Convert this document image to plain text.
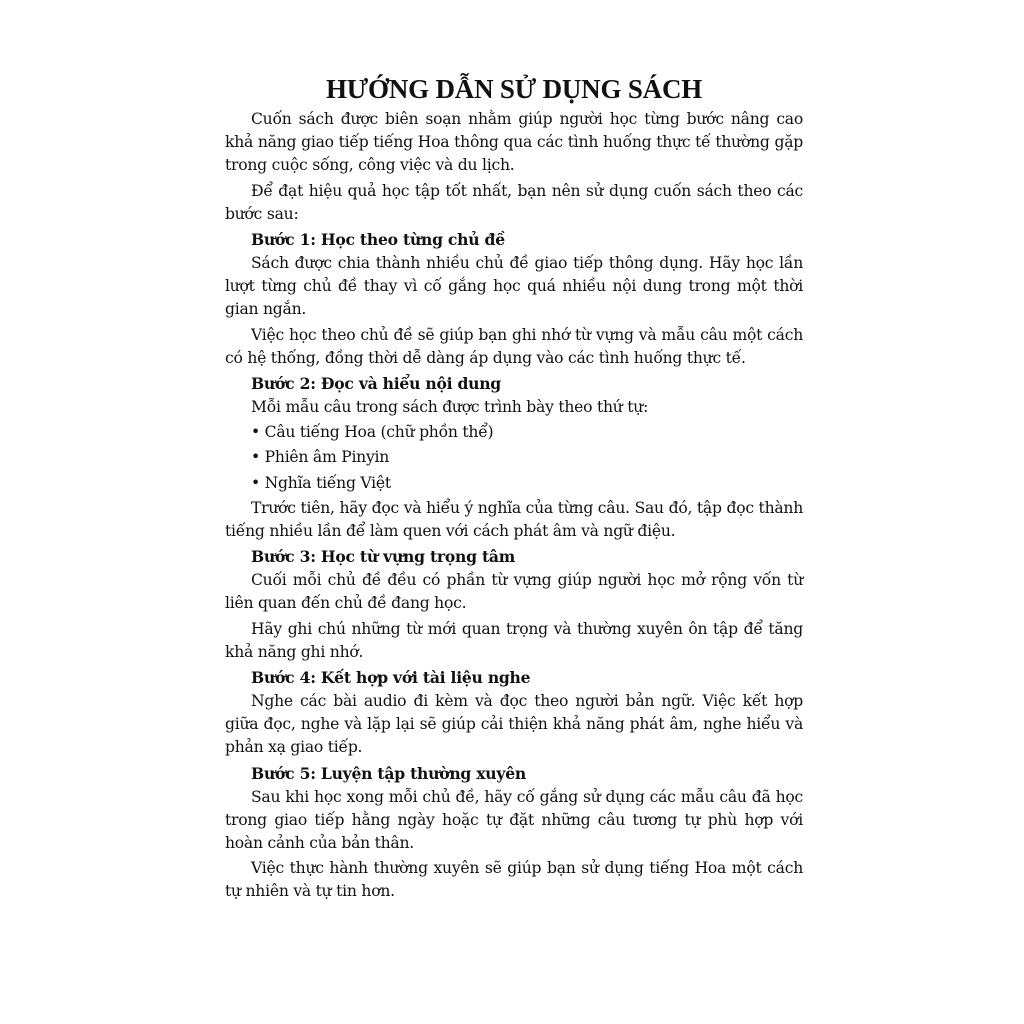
HƯỚNG DẪN SỬ DỤNG SÁCH

Cuốn sách được biên soạn nhằm giúp người học từng bước nâng cao khả năng giao tiếp tiếng Hoa thông qua các tình huống thực tế thường gặp trong cuộc sống, công việc và du lịch.

Để đạt hiệu quả học tập tốt nhất, bạn nên sử dụng cuốn sách theo các bước sau:

Bước 1: Học theo từng chủ đề

Sách được chia thành nhiều chủ đề giao tiếp thông dụng. Hãy học lần lượt từng chủ đề thay vì cố gắng học quá nhiều nội dung trong một thời gian ngắn.

Việc học theo chủ đề sẽ giúp bạn ghi nhớ từ vựng và mẫu câu một cách có hệ thống, đồng thời dễ dàng áp dụng vào các tình huống thực tế.

Bước 2: Đọc và hiểu nội dung

Mỗi mẫu câu trong sách được trình bày theo thứ tự:

• Câu tiếng Hoa (chữ phồn thể)
• Phiên âm Pinyin
• Nghĩa tiếng Việt

Trước tiên, hãy đọc và hiểu ý nghĩa của từng câu. Sau đó, tập đọc thành tiếng nhiều lần để làm quen với cách phát âm và ngữ điệu.

Bước 3: Học từ vựng trọng tâm

Cuối mỗi chủ đề đều có phần từ vựng giúp người học mở rộng vốn từ liên quan đến chủ đề đang học.

Hãy ghi chú những từ mới quan trọng và thường xuyên ôn tập để tăng khả năng ghi nhớ.

Bước 4: Kết hợp với tài liệu nghe

Nghe các bài audio đi kèm và đọc theo người bản ngữ. Việc kết hợp giữa đọc, nghe và lặp lại sẽ giúp cải thiện khả năng phát âm, nghe hiểu và phản xạ giao tiếp.

Bước 5: Luyện tập thường xuyên

Sau khi học xong mỗi chủ đề, hãy cố gắng sử dụng các mẫu câu đã học trong giao tiếp hằng ngày hoặc tự đặt những câu tương tự phù hợp với hoàn cảnh của bản thân.

Việc thực hành thường xuyên sẽ giúp bạn sử dụng tiếng Hoa một cách tự nhiên và tự tin hơn.
